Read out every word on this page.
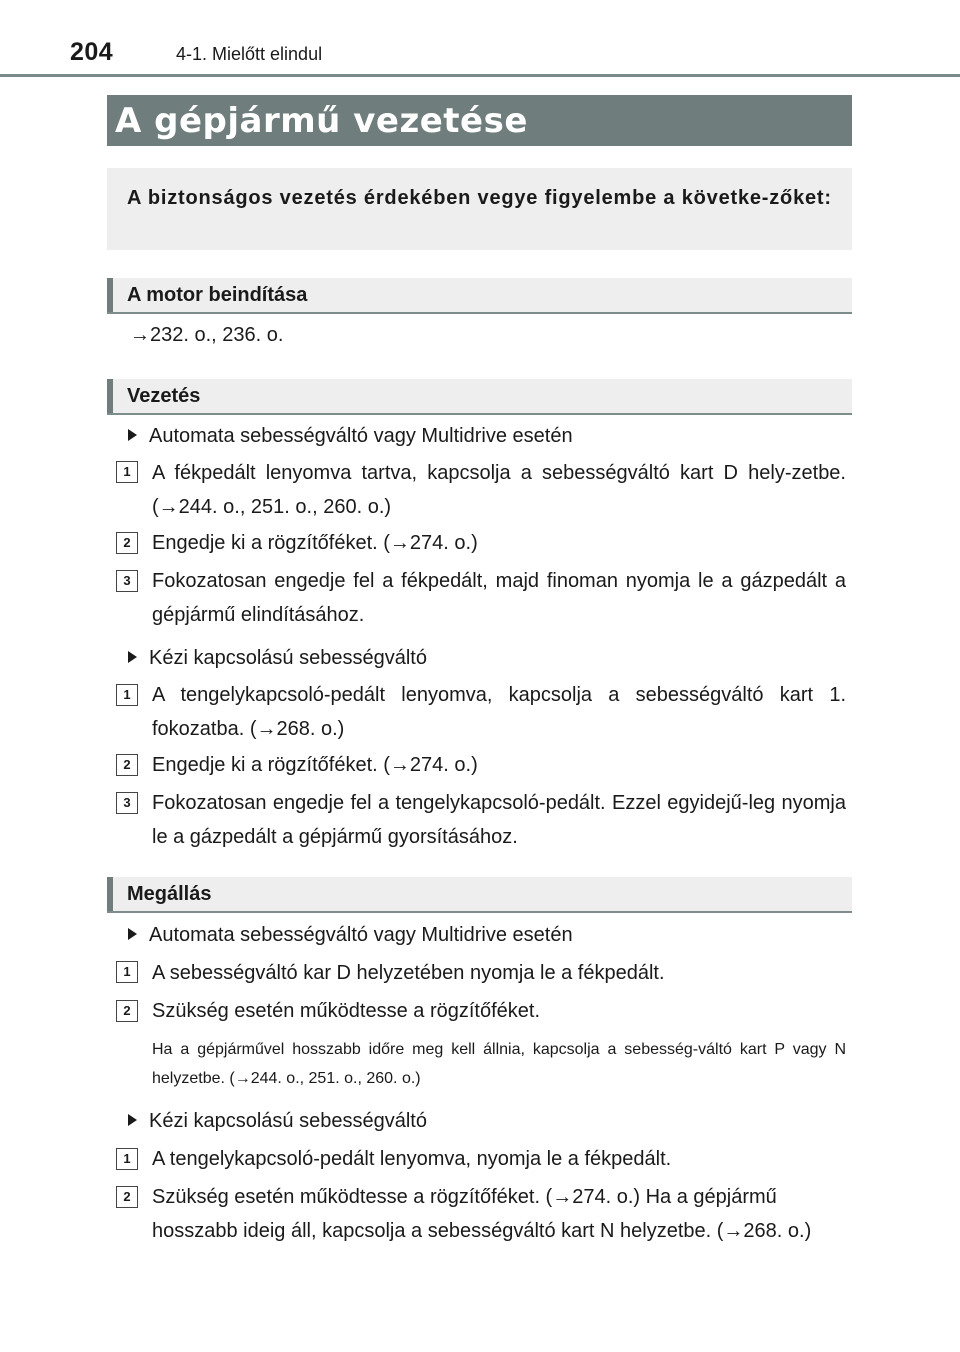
204	4-1. Mielőtt elindul
A gépjármű vezetése
A biztonságos vezetés érdekében vegye figyelembe a követke-zőket:
A motor beindítása
→232. o., 236. o.
Vezetés
Automata sebességváltó vagy Multidrive esetén
1	A fékpedált lenyomva tartva, kapcsolja a sebességváltó kart D hely-zetbe. (→244. o., 251. o., 260. o.)
2	Engedje ki a rögzítőféket. (→274. o.)
3	Fokozatosan engedje fel a fékpedált, majd finoman nyomja le a gázpedált a gépjármű elindításához.
Kézi kapcsolású sebességváltó
1	A tengelykapcsoló-pedált lenyomva, kapcsolja a sebességváltó kart 1. fokozatba. (→268. o.)
2	Engedje ki a rögzítőféket. (→274. o.)
3	Fokozatosan engedje fel a tengelykapcsoló-pedált. Ezzel egyidejű-leg nyomja le a gázpedált a gépjármű gyorsításához.
Megállás
Automata sebességváltó vagy Multidrive esetén
1	A sebességváltó kar D helyzetében nyomja le a fékpedált.
2	Szükség esetén működtesse a rögzítőféket.
Ha a gépjárművel hosszabb időre meg kell állnia, kapcsolja a sebesség-váltó kart P vagy N helyzetbe. (→244. o., 251. o., 260. o.)
Kézi kapcsolású sebességváltó
1	A tengelykapcsoló-pedált lenyomva, nyomja le a fékpedált.
2	Szükség esetén működtesse a rögzítőféket. (→274. o.) Ha a gépjármű hosszabb ideig áll, kapcsolja a sebességváltó kart N helyzetbe. (→268. o.)
